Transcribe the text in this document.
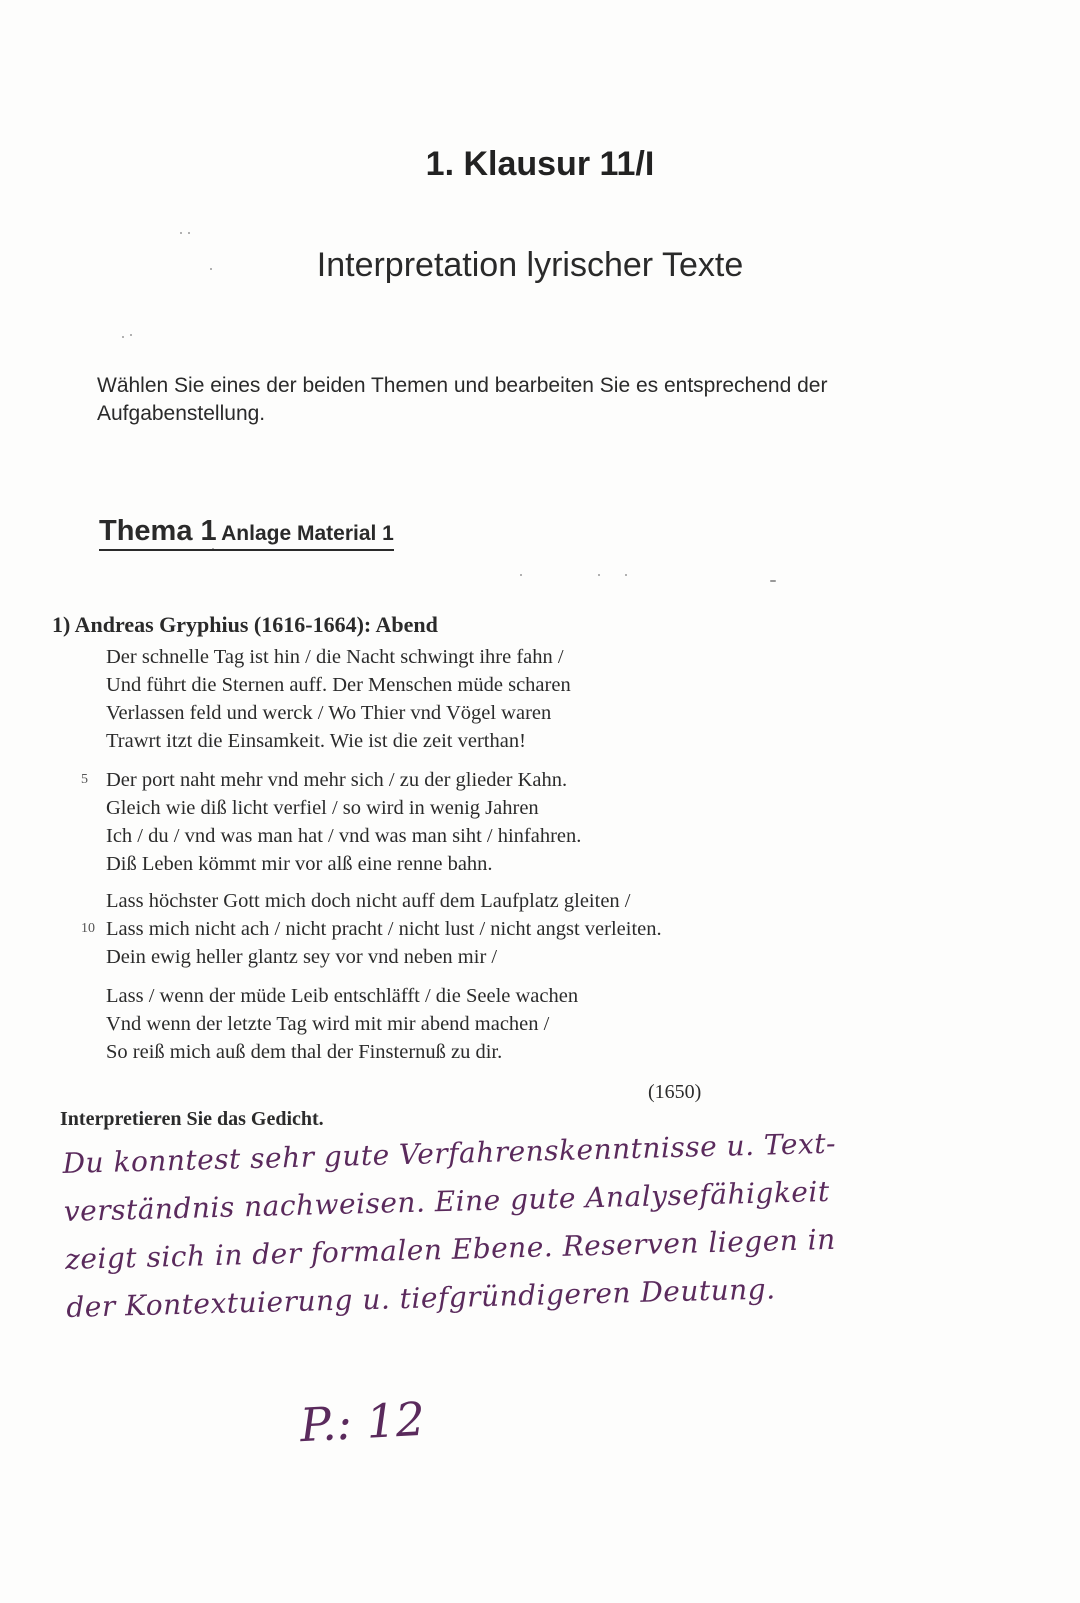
1. Klausur 11/I
Interpretation lyrischer Texte
Wählen Sie eines der beiden Themen und bearbeiten Sie es entsprechend der Aufgabenstellung.
Thema 1 Anlage Material 1
1) Andreas Gryphius (1616-1664): Abend
Der schnelle Tag ist hin / die Nacht schwingt ihre fahn /
Und führt die Sternen auff. Der Menschen müde scharen
Verlassen feld und werck / Wo Thier vnd Vögel waren
Trawrt itzt die Einsamkeit. Wie ist die zeit verthan!
5 Der port naht mehr vnd mehr sich / zu der glieder Kahn.
Gleich wie diß licht verfiel / so wird in wenig Jahren
Ich / du / vnd was man hat / vnd was man siht / hinfahren.
Diß Leben kömmt mir vor alß eine renne bahn.
Lass höchster Gott mich doch nicht auff dem Laufplatz gleiten /
10 Lass mich nicht ach / nicht pracht / nicht lust / nicht angst verleiten.
Dein ewig heller glantz sey vor vnd neben mir /
Lass / wenn der müde Leib entschläfft / die Seele wachen
Vnd wenn der letzte Tag wird mit mir abend machen /
So reiß mich auß dem thal der Finsternuß zu dir.
(1650)
Interpretieren Sie das Gedicht.
Du konntest sehr gute Verfahrenskenntnisse u. Text-
verständnis nachweisen. Eine gute Analysefähigkeit
zeigt sich in der formalen Ebene. Reserven liegen in
der Kontextuierung u. tiefgründigeren Deutung.
P.: 12
